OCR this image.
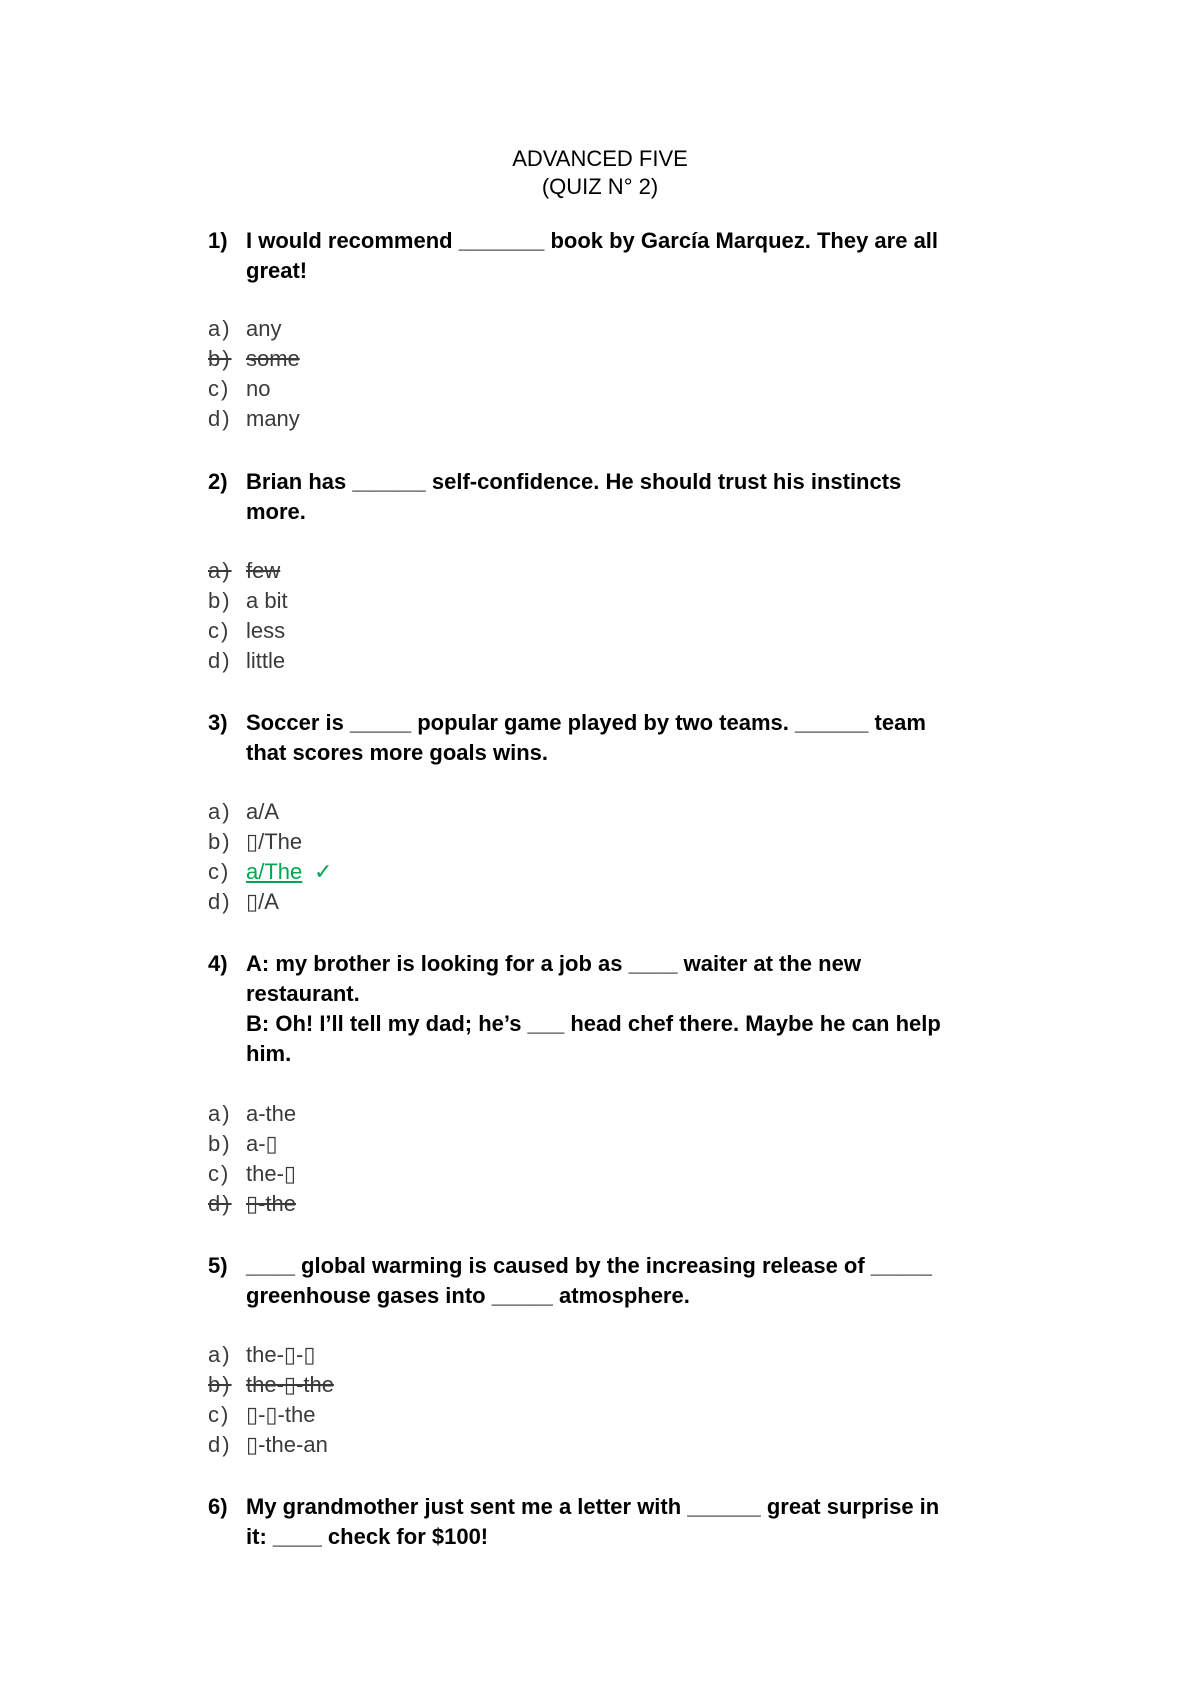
ADVANCED FIVE
(QUIZ N° 2)
1) I would recommend _______ book by García Marquez. They are all
great!
a) any
b) some
c) no
d) many
2) Brian has ______ self-confidence. He should trust his instincts
more.
a) few
b) a bit
c) less
d) little
3) Soccer is _____ popular game played by two teams. ______ team
that scores more goals wins.
a) a/A
b) ▯/The
c) a/The ✓
d) ▯/A
4) A: my brother is looking for a job as ____ waiter at the new
restaurant.
B: Oh! I’ll tell my dad; he’s ___ head chef there. Maybe he can help
him.
a) a-the
b) a-▯
c) the-▯
d) ▯-the
5) ____ global warming is caused by the increasing release of _____
greenhouse gases into _____ atmosphere.
a) the-▯-▯
b) the-▯-the
c) ▯-▯-the
d) ▯-the-an
6) My grandmother just sent me a letter with ______ great surprise in
it: ____ check for $100!
